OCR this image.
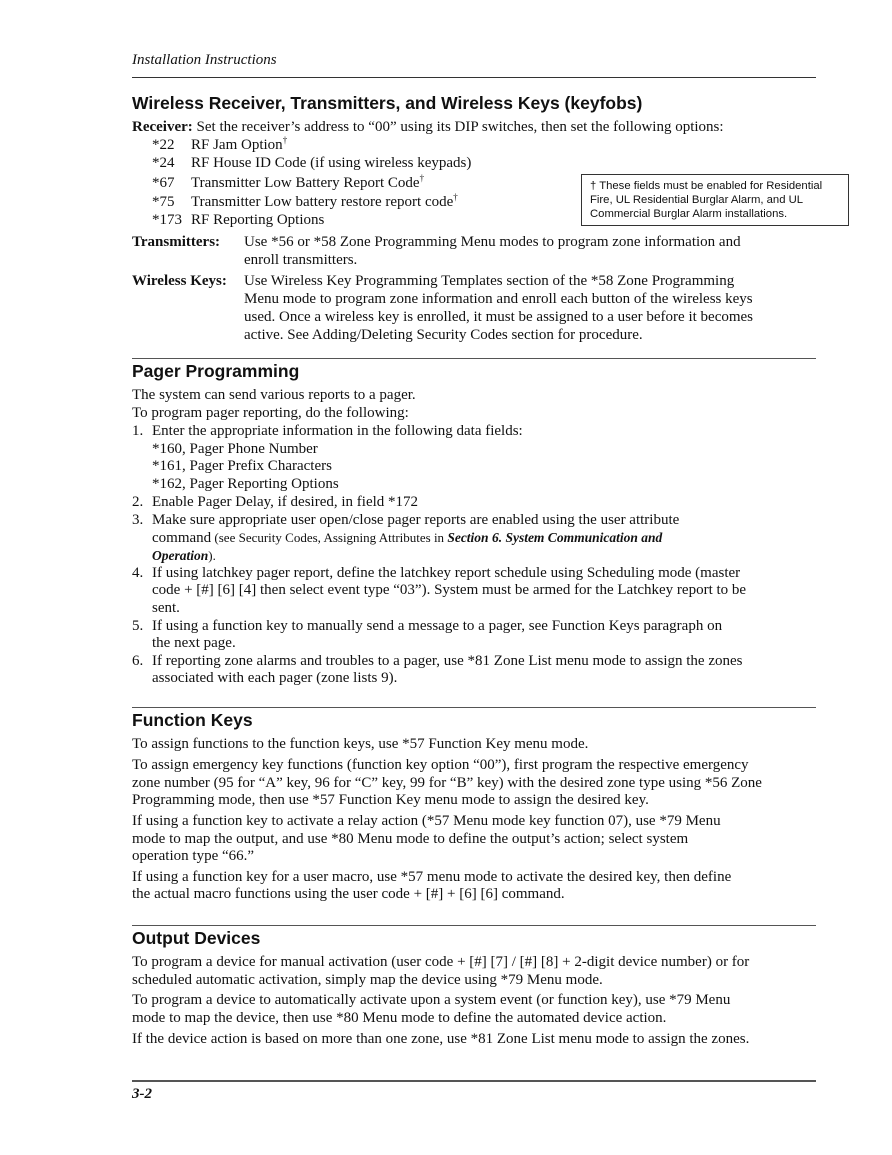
Installation Instructions
Wireless Receiver, Transmitters, and Wireless Keys (keyfobs)
Receiver: Set the receiver’s address to “00” using its DIP switches, then set the following options:
*22 RF Jam Option†
*24 RF House ID Code (if using wireless keypads)
*67 Transmitter Low Battery Report Code†
*75 Transmitter Low battery restore report code†
*173 RF Reporting Options
† These fields must be enabled for Residential
Fire, UL Residential Burglar Alarm, and UL
Commercial Burglar Alarm installations.
Transmitters: Use *56 or *58 Zone Programming Menu modes to program zone information and
enroll transmitters.
Wireless Keys: Use Wireless Key Programming Templates section of the *58 Zone Programming
Menu mode to program zone information and enroll each button of the wireless keys
used. Once a wireless key is enrolled, it must be assigned to a user before it becomes
active. See Adding/Deleting Security Codes section for procedure.
Pager Programming
The system can send various reports to a pager.
To program pager reporting, do the following:
1. Enter the appropriate information in the following data fields:
*160, Pager Phone Number
*161, Pager Prefix Characters
*162, Pager Reporting Options
2. Enable Pager Delay, if desired, in field *172
3. Make sure appropriate user open/close pager reports are enabled using the user attribute
command (see Security Codes, Assigning Attributes in Section 6. System Communication and
Operation).
4. If using latchkey pager report, define the latchkey report schedule using Scheduling mode (master
code + [#] [6] [4] then select event type “03”). System must be armed for the Latchkey report to be
sent.
5. If using a function key to manually send a message to a pager, see Function Keys paragraph on
the next page.
6. If reporting zone alarms and troubles to a pager, use *81 Zone List menu mode to assign the zones
associated with each pager (zone lists 9).
Function Keys
To assign functions to the function keys, use *57 Function Key menu mode.
To assign emergency key functions (function key option “00”), first program the respective emergency
zone number (95 for “A” key, 96 for “C” key, 99 for “B” key) with the desired zone type using *56 Zone
Programming mode, then use *57 Function Key menu mode to assign the desired key.
If using a function key to activate a relay action (*57 Menu mode key function 07), use *79 Menu
mode to map the output, and use *80 Menu mode to define the output’s action; select system
operation type “66.”
If using a function key for a user macro, use *57 menu mode to activate the desired key, then define
the actual macro functions using the user code + [#] + [6] [6] command.
Output Devices
To program a device for manual activation (user code + [#] [7] / [#] [8] + 2-digit device number) or for
scheduled automatic activation, simply map the device using *79 Menu mode.
To program a device to automatically activate upon a system event (or function key), use *79 Menu
mode to map the device, then use *80 Menu mode to define the automated device action.
If the device action is based on more than one zone, use *81 Zone List menu mode to assign the zones.
3-2
